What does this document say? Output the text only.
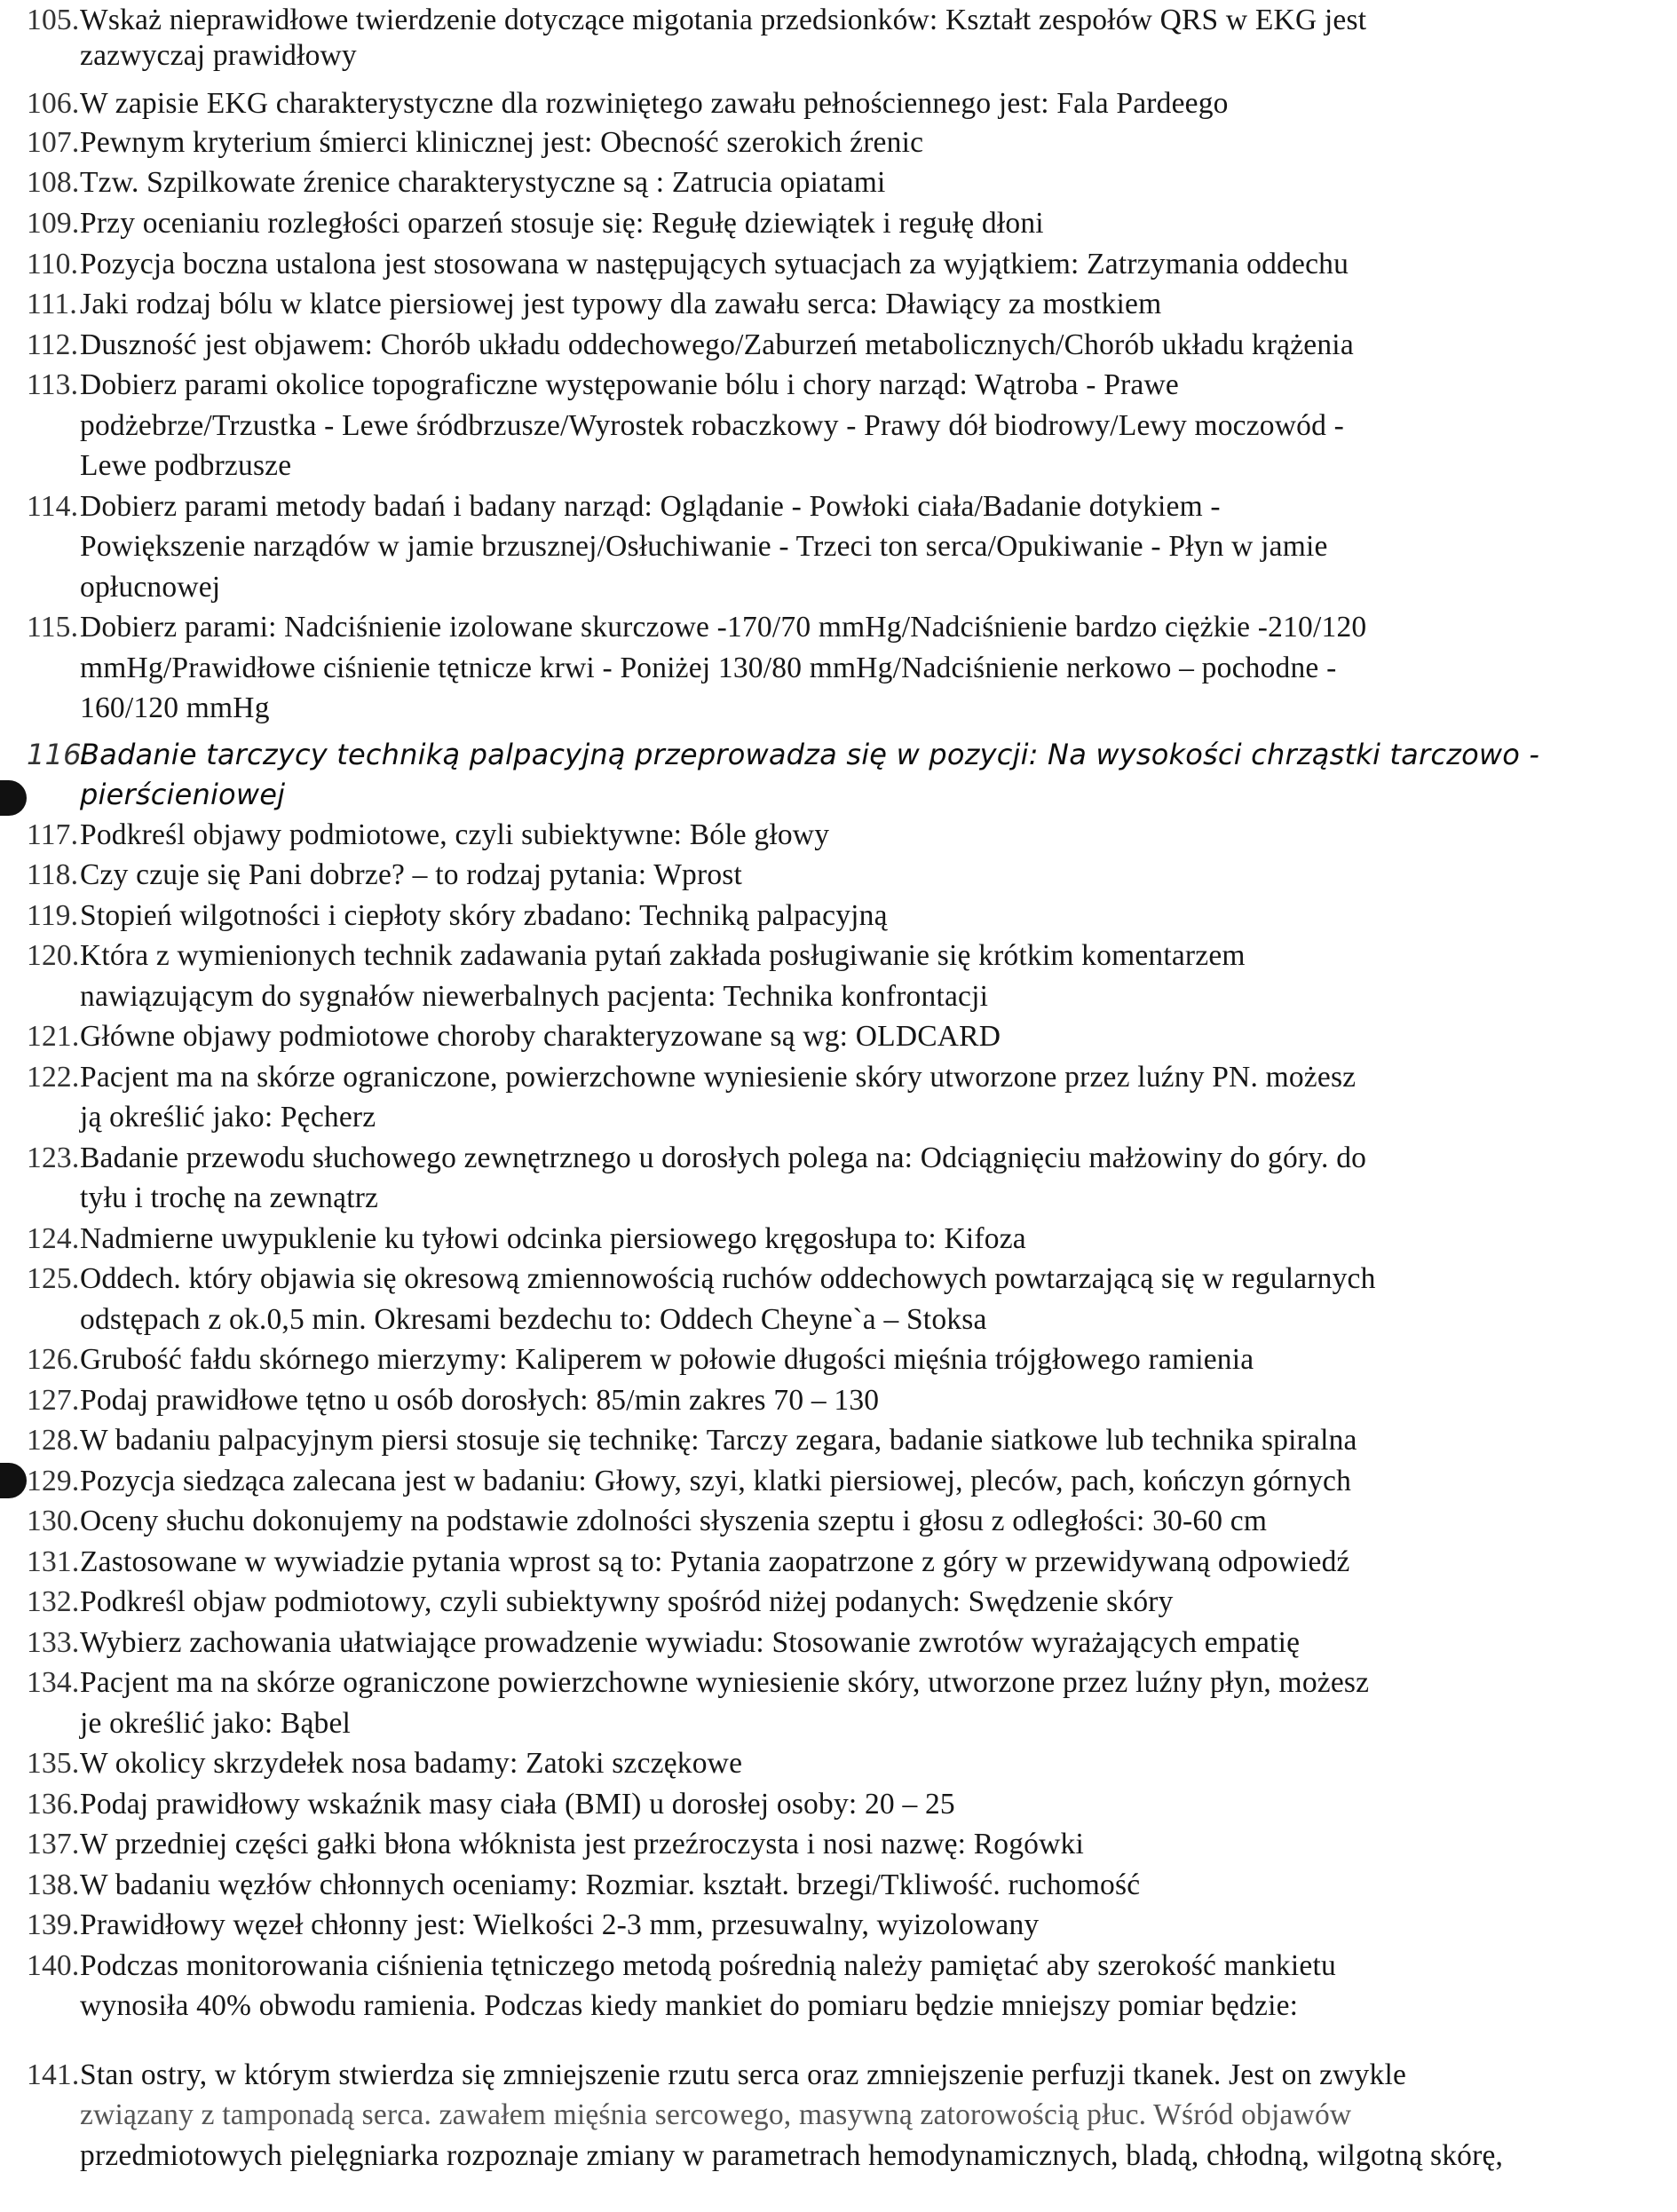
105.Wskaż nieprawidłowe twierdzenie dotyczące migotania przedsionków: Kształt zespołów QRS w EKG jest
zazwyczaj prawidłowy
106.W zapisie EKG charakterystyczne dla rozwiniętego zawału pełnościennego jest: Fala Pardeego
107.Pewnym kryterium śmierci klinicznej jest: Obecność szerokich źrenic
108.Tzw. Szpilkowate źrenice charakterystyczne są : Zatrucia opiatami
109.Przy ocenianiu rozległości oparzeń stosuje się: Regułę dziewiątek i regułę dłoni
110.Pozycja boczna ustalona jest stosowana w następujących sytuacjach za wyjątkiem: Zatrzymania oddechu
111.Jaki rodzaj bólu w klatce piersiowej jest typowy dla zawału serca: Dławiący za mostkiem
112.Duszność jest objawem: Chorób układu oddechowego/Zaburzeń metabolicznych/Chorób układu krążenia
113.Dobierz parami okolice topograficzne występowanie bólu i chory narząd: Wątroba - Prawe
podżebrze/Trzustka - Lewe śródbrzusze/Wyrostek robaczkowy - Prawy dół biodrowy/Lewy moczowód -
Lewe podbrzusze
114.Dobierz parami metody badań i badany narząd: Oglądanie - Powłoki ciała/Badanie dotykiem -
Powiększenie narządów w jamie brzusznej/Osłuchiwanie - Trzeci ton serca/Opukiwanie - Płyn w jamie
opłucnowej
115.Dobierz parami: Nadciśnienie izolowane skurczowe -170/70 mmHg/Nadciśnienie bardzo ciężkie -210/120
mmHg/Prawidłowe ciśnienie tętnicze krwi - Poniżej 130/80 mmHg/Nadciśnienie nerkowo – pochodne -
160/120 mmHg
116.Badanie tarczycy techniką palpacyjną przeprowadza się w pozycji: Na wysokości chrząstki tarczowo -
pierścieniowej
117.Podkreśl objawy podmiotowe, czyli subiektywne: Bóle głowy
118.Czy czuje się Pani dobrze? – to rodzaj pytania: Wprost
119.Stopień wilgotności i ciepłoty skóry zbadano: Techniką palpacyjną
120.Która z wymienionych technik zadawania pytań zakłada posługiwanie się krótkim komentarzem
nawiązującym do sygnałów niewerbalnych pacjenta: Technika konfrontacji
121.Główne objawy podmiotowe choroby charakteryzowane są wg: OLDCARD
122.Pacjent ma na skórze ograniczone, powierzchowne wyniesienie skóry utworzone przez luźny PN. możesz
ją określić jako: Pęcherz
123.Badanie przewodu słuchowego zewnętrznego u dorosłych polega na: Odciągnięciu małżowiny do góry. do
tyłu i trochę na zewnątrz
124.Nadmierne uwypuklenie ku tyłowi odcinka piersiowego kręgosłupa to: Kifoza
125.Oddech. który objawia się okresową zmiennowością ruchów oddechowych powtarzającą się w regularnych
odstępach z ok.0,5 min. Okresami bezdechu to: Oddech Cheyne`a – Stoksa
126.Grubość fałdu skórnego mierzymy: Kaliperem w połowie długości mięśnia trójgłowego ramienia
127.Podaj prawidłowe tętno u osób dorosłych: 85/min zakres 70 – 130
128.W badaniu palpacyjnym piersi stosuje się technikę: Tarczy zegara, badanie siatkowe lub technika spiralna
129.Pozycja siedząca zalecana jest w badaniu: Głowy, szyi, klatki piersiowej, pleców, pach, kończyn górnych
130.Oceny słuchu dokonujemy na podstawie zdolności słyszenia szeptu i głosu z odległości: 30-60 cm
131.Zastosowane w wywiadzie pytania wprost są to: Pytania zaopatrzone z góry w przewidywaną odpowiedź
132.Podkreśl objaw podmiotowy, czyli subiektywny spośród niżej podanych: Swędzenie skóry
133.Wybierz zachowania ułatwiające prowadzenie wywiadu: Stosowanie zwrotów wyrażających empatię
134.Pacjent ma na skórze ograniczone powierzchowne wyniesienie skóry, utworzone przez luźny płyn, możesz
je określić jako: Bąbel
135.W okolicy skrzydełek nosa badamy: Zatoki szczękowe
136.Podaj prawidłowy wskaźnik masy ciała (BMI) u dorosłej osoby: 20 – 25
137.W przedniej części gałki błona włóknista jest przeźroczysta i nosi nazwę: Rogówki
138.W badaniu węzłów chłonnych oceniamy: Rozmiar. kształt. brzegi/Tkliwość. ruchomość
139.Prawidłowy węzeł chłonny jest: Wielkości 2-3 mm, przesuwalny, wyizolowany
140.Podczas monitorowania ciśnienia tętniczego metodą pośrednią należy pamiętać aby szerokość mankietu
wynosiła 40% obwodu ramienia. Podczas kiedy mankiet do pomiaru będzie mniejszy pomiar będzie:
141.Stan ostry, w którym stwierdza się zmniejszenie rzutu serca oraz zmniejszenie perfuzji tkanek. Jest on zwykle
związany z tamponadą serca. zawałem mięśnia sercowego, masywną zatorowością płuc. Wśród objawów
przedmiotowych pielęgniarka rozpoznaje zmiany w parametrach hemodynamicznych, bladą, chłodną, wilgotną skórę,
